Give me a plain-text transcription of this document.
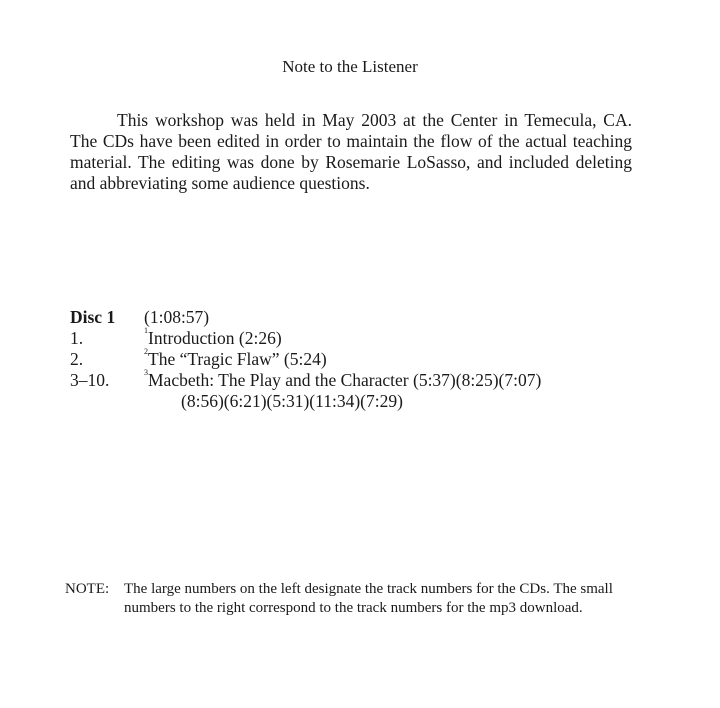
Note to the Listener

This workshop was held in May 2003 at the Center in Temecula, CA. The CDs have been edited in order to maintain the flow of the actual teaching material. The editing was done by Rosemarie LoSasso, and included deleting and abbreviating some audience questions.

Disc 1	(1:08:57)
1.	$^1$Introduction (2:26)
2.	$^2$The “Tragic Flaw” (5:24)
3–10.	$^3$Macbeth: The Play and the Character (5:37)(8:25)(7:07)
(8:56)(6:21)(5:31)(11:34)(7:29)
NOTE: The large numbers on the left designate the track numbers for the CDs. The small numbers to the right correspond to the track numbers for the mp3 download.
